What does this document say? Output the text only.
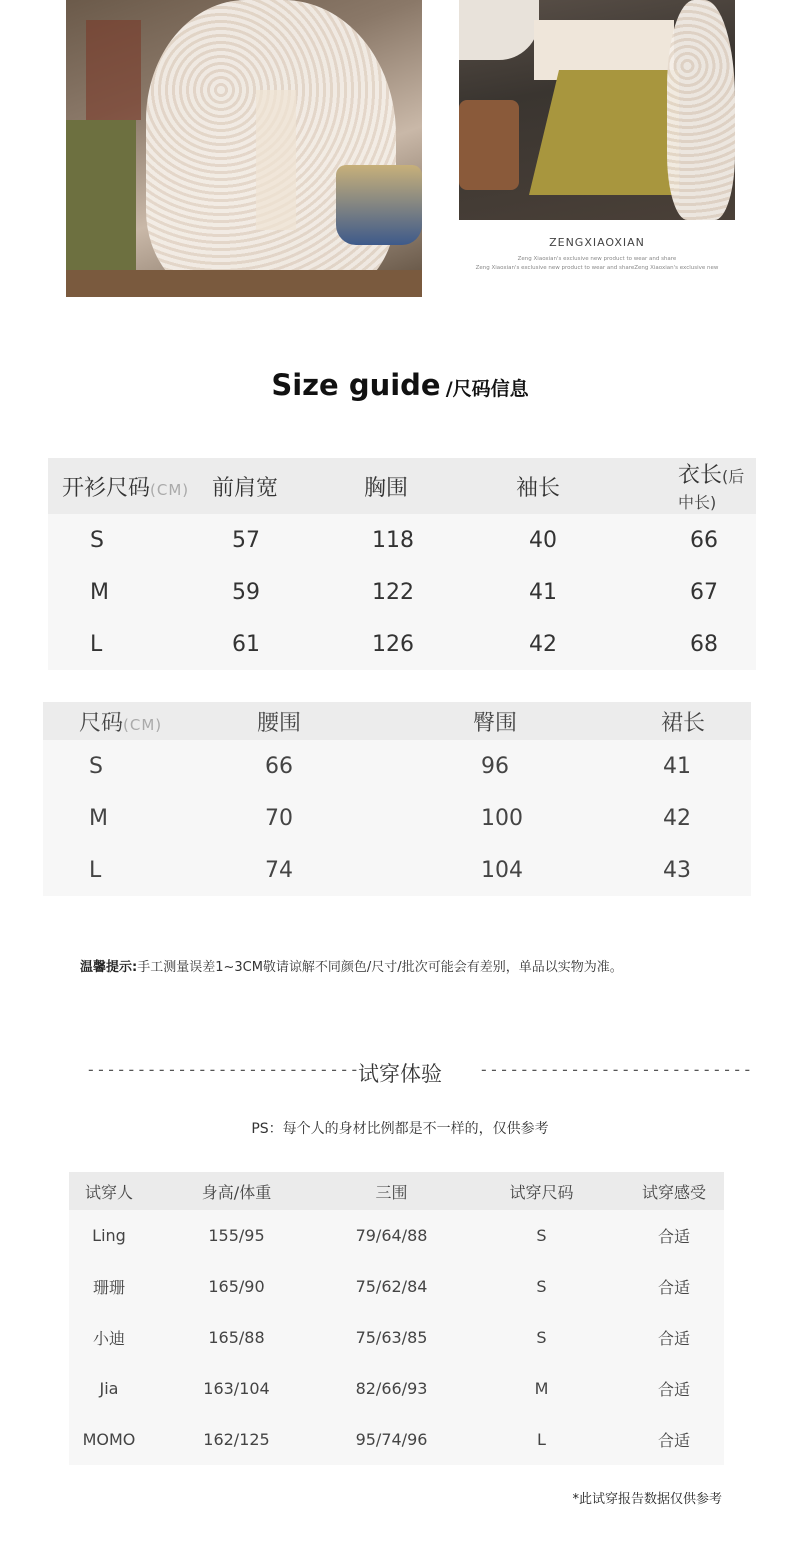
ZENGXIAOXIAN
Zeng Xiaoxian's exclusive new product to wear and share
Zeng Xiaoxian's exclusive new product to wear and shareZeng Xiaoxian's exclusive new
Size guide /尺码信息
开衫尺码(CM)	前肩宽	胸围	袖长	衣长(后中长)
S	57	118	40	66
M	59	122	41	67
L	61	126	42	68
尺码(CM)	腰围	臀围	裙长
S	66	96	41
M	70	100	42
L	74	104	43
温馨提示:手工测量误差1~3CM敬请谅解不同颜色/尺寸/批次可能会有差别，单品以实物为准。
---------------------------
试穿体验	---------------------------
PS：每个人的身材比例都是不一样的，仅供参考
试穿人	身高/体重	三围	试穿尺码	试穿感受
Ling	155/95	79/64/88	S	合适
珊珊	165/90	75/62/84	S	合适
小迪	165/88	75/63/85	S	合适
Jia	163/104	82/66/93	M	合适
MOMO	162/125	95/74/96	L	合适
*此试穿报告数据仅供参考
